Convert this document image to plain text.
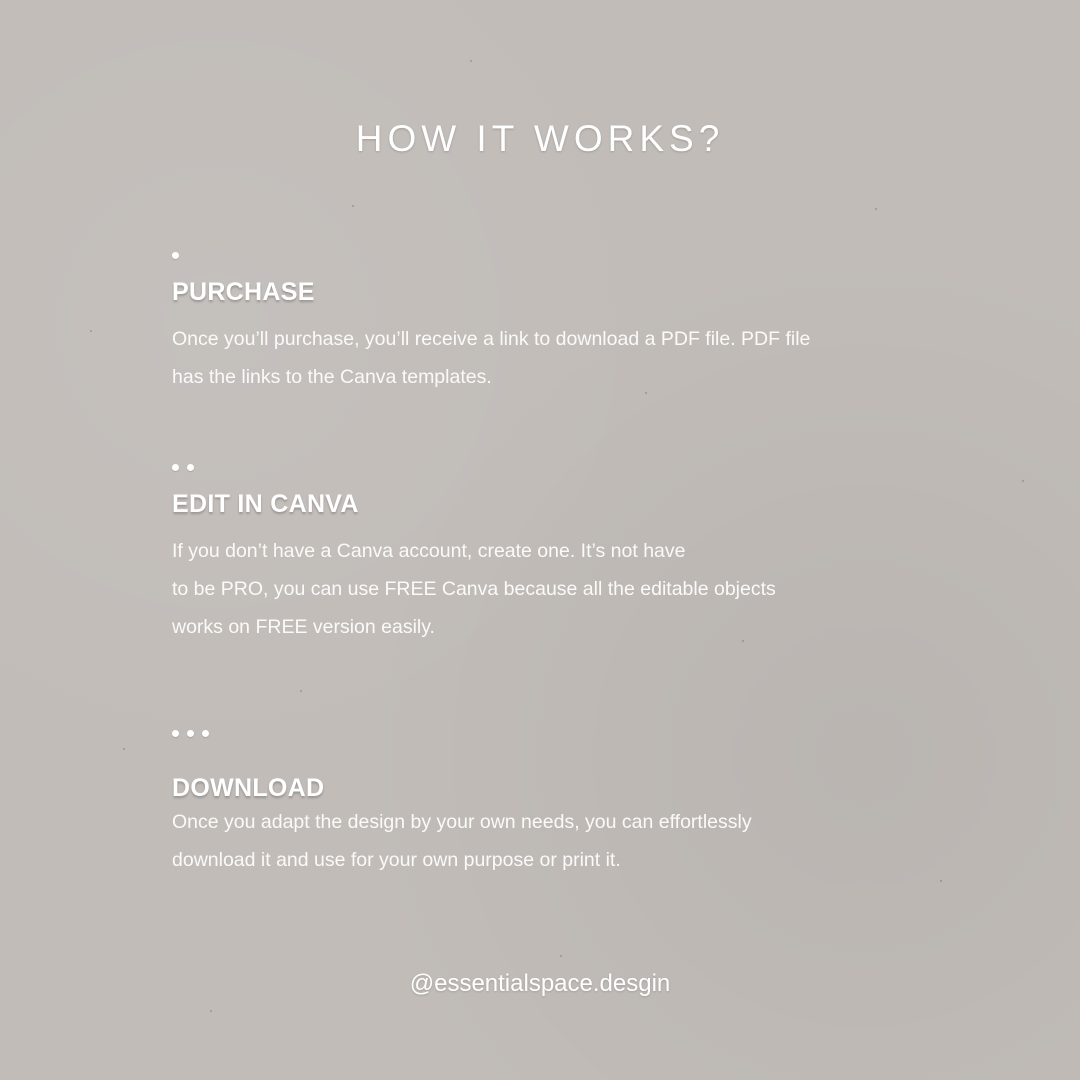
HOW IT WORKS?
PURCHASE
Once you’ll purchase, you’ll receive a link to download a PDF file. PDF file
has the links to the Canva templates.
EDIT IN CANVA
If you don’t have a Canva account, create one. It’s not have
to be PRO, you can use FREE Canva because all the editable objects
works on FREE version easily.
DOWNLOAD
Once you adapt the design by your own needs, you can effortlessly
download it and use for your own purpose or print it.
@essentialspace.desgin
